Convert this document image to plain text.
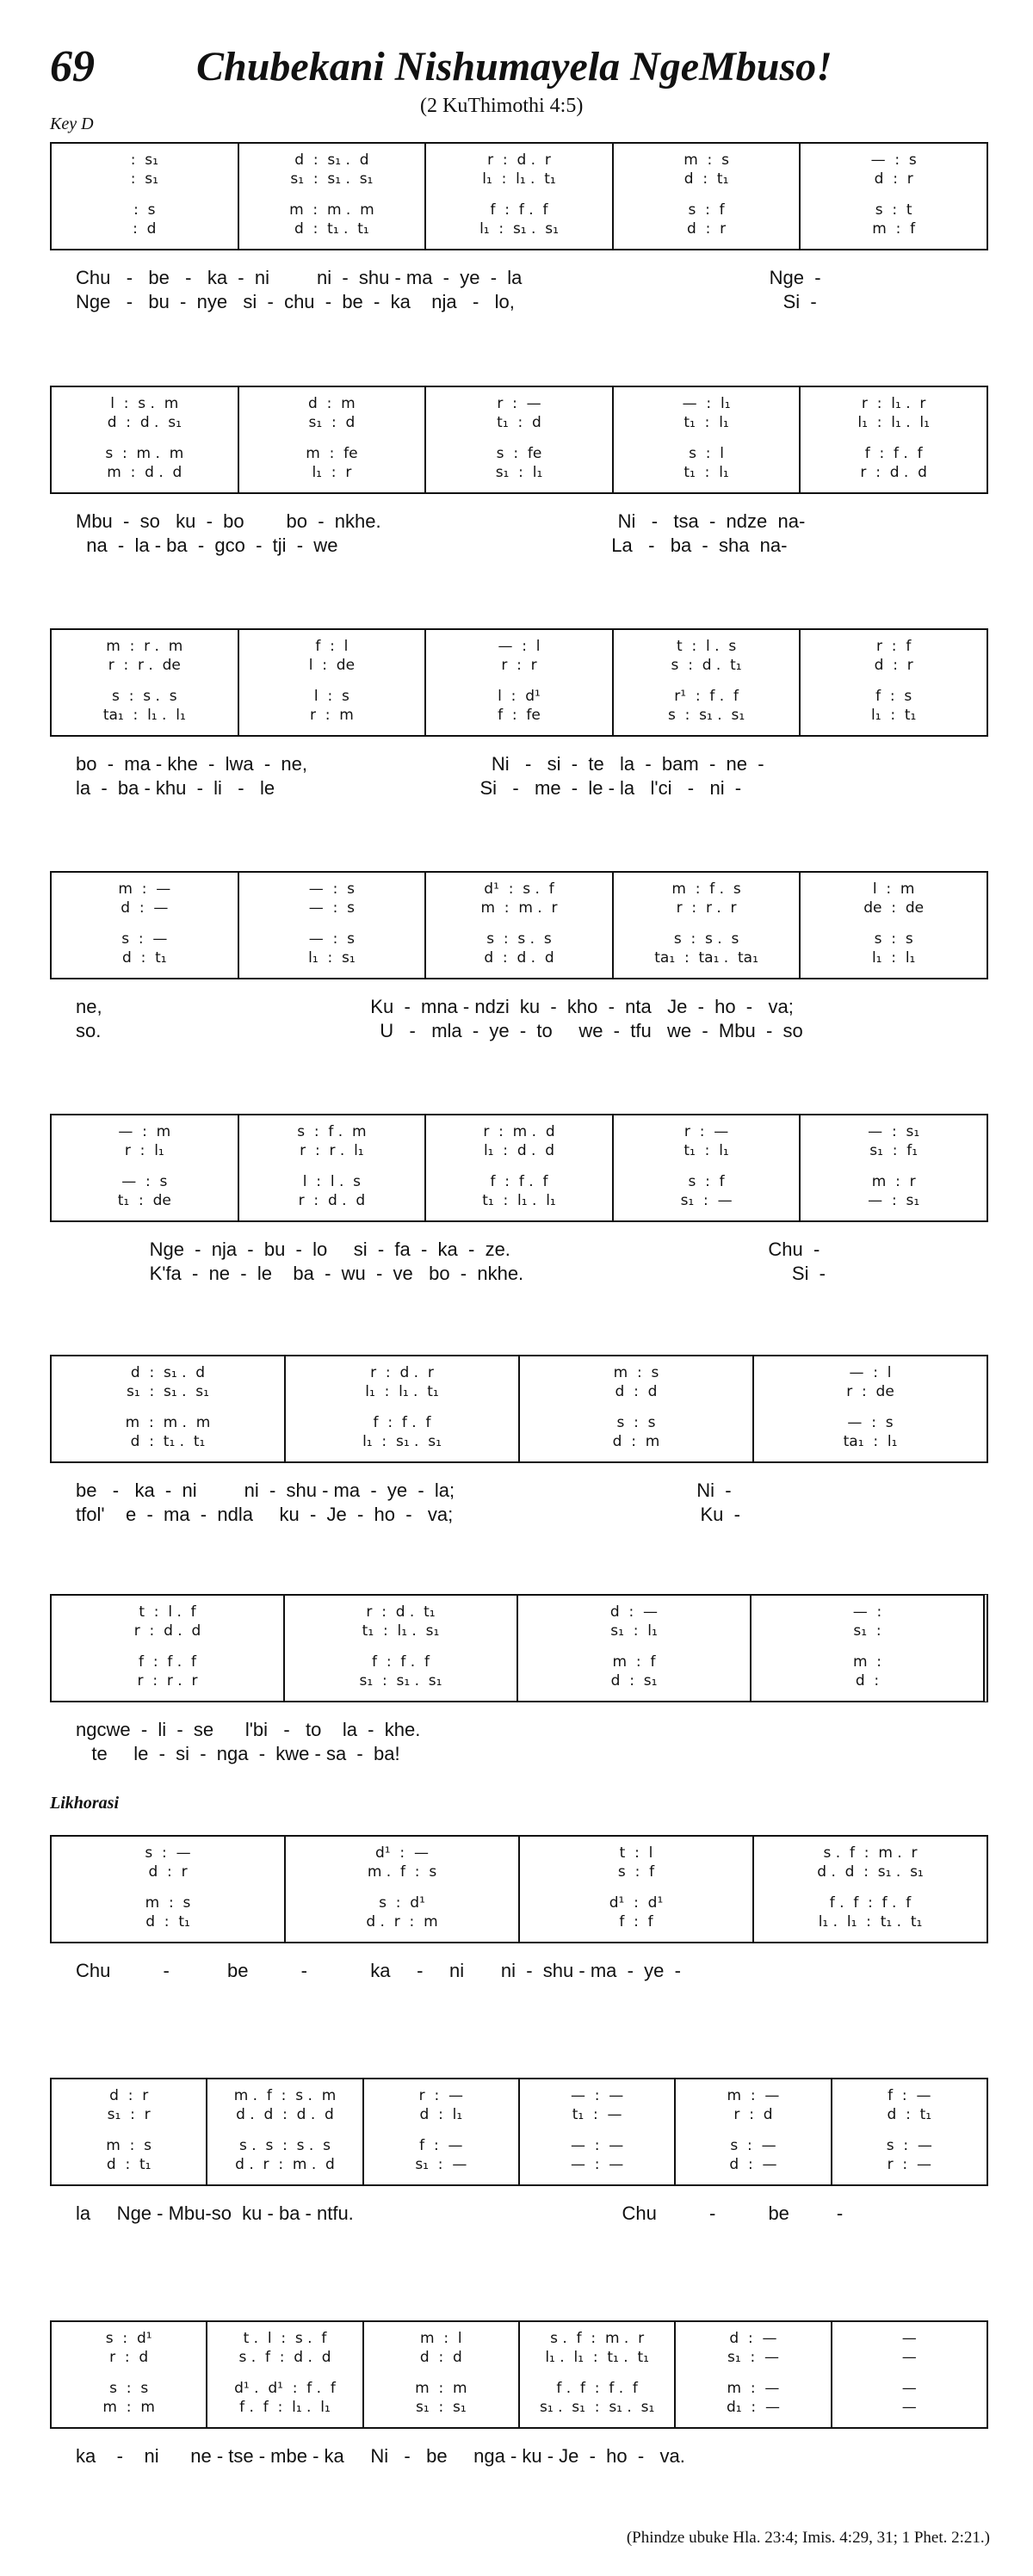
69 Chubekani Nishumayela NgeMbuso!
(2 KuThimothi 4:5)
Key D
Likhorasi
:  s₁
:  s₁
:  s
:  d
d  :  s₁ .  d
s₁  :  s₁ .  s₁
m  :  m .  m
d  :  t₁ .  t₁
r  :  d .  r
l₁  :  l₁ .  t₁
f  :  f .  f
l₁  :  s₁ .  s₁
m  :  s
d  :  t₁
s  :  f
d  :  r
—  :  s
d  :  r
s  :  t
m  :  f
Chu   -   be   -   ka  -  ni         ni  -  shu - ma  -  ye  -  la                                               Nge  -
Nge   -   bu  -  nye   si  -  chu  -  be  -  ka    nja   -   lo,                                                   Si  -
l  :  s .  m
d  :  d .  s₁
s  :  m .  m
m  :  d .  d
d  :  m
s₁  :  d
m  :  fe
l₁  :  r
r  :  —
t₁  :  d
s  :  fe
s₁  :  l₁
—  :  l₁
t₁  :  l₁
s  :  l
t₁  :  l₁
r  :  l₁ .  r
l₁  :  l₁ .  l₁
f  :  f .  f
r  :  d .  d
Mbu  -  so   ku  -  bo        bo  -  nkhe.                                             Ni   -   tsa  -  ndze  na-
na  -  la - ba  -  gco  -  tji  -  we                                                    La   -   ba  -  sha  na-
m  :  r .  m
r  :  r .  de
s  :  s .  s
ta₁  :  l₁ .  l₁
f  :  l
l  :  de
l  :  s
r  :  m
—  :  l
r  :  r
l  :  d¹
f  :  fe
t  :  l .  s
s  :  d .  t₁
r¹  :  f .  f
s  :  s₁ .  s₁
r  :  f
d  :  r
f  :  s
l₁  :  t₁
bo  -  ma - khe  -  lwa  -  ne,                                   Ni   -   si  -  te   la  -  bam  -  ne  -
la  -  ba - khu  -  li   -   le                                       Si   -   me  -  le - la   l'ci   -   ni  -
m  :  —
d  :  —
s  :  —
d  :  t₁
—  :  s
—  :  s
—  :  s
l₁  :  s₁
d¹  :  s .  f
m  :  m .  r
s  :  s .  s
d  :  d .  d
m  :  f .  s
r  :  r .  r
s  :  s .  s
ta₁  :  ta₁ .  ta₁
l  :  m
de  :  de
s  :  s
l₁  :  l₁
ne,                                                   Ku  -  mna - ndzi  ku  -  kho  -  nta   Je  -  ho  -   va;
so.                                                     U   -   mla  -  ye  -  to     we  -  tfu   we  -  Mbu  -  so
—  :  m
r  :  l₁
—  :  s
t₁  :  de
s  :  f .  m
r  :  r .  l₁
l  :  l .  s
r  :  d .  d
r  :  m .  d
l₁  :  d .  d
f  :  f .  f
t₁  :  l₁ .  l₁
r  :  —
t₁  :  l₁
s  :  f
s₁  :  —
—  :  s₁
s₁  :  f₁
m  :  r
—  :  s₁
Nge  -  nja  -  bu  -  lo     si  -  fa  -  ka  -  ze.                                                 Chu  -
K'fa  -  ne  -  le    ba  -  wu  -  ve   bo  -  nkhe.                                                   Si  -
d  :  s₁ .  d
s₁  :  s₁ .  s₁
m  :  m .  m
d  :  t₁ .  t₁
r  :  d .  r
l₁  :  l₁ .  t₁
f  :  f .  f
l₁  :  s₁ .  s₁
m  :  s
d  :  d
s  :  s
d  :  m
—  :  l
r  :  de
—  :  s
ta₁  :  l₁
be   -   ka  -  ni         ni  -  shu - ma  -  ye  -  la;                                              Ni  -
tfol'    e  -  ma  -  ndla     ku  -  Je  -  ho  -   va;                                               Ku  -
t  :  l .  f
r  :  d .  d
f  :  f .  f
r  :  r .  r
r  :  d .  t₁
t₁  :  l₁ .  s₁
f  :  f .  f
s₁  :  s₁ .  s₁
d  :  —
s₁  :  l₁
m  :  f
d  :  s₁
—  :
s₁  :
m  :
d  :
ngcwe  -  li  -  se      l'bi   -   to    la  -  khe.
te     le  -  si  -  nga  -  kwe - sa  -  ba!
s  :  —
d  :  r
m  :  s
d  :  t₁
d¹  :  —
m .  f  :  s
s  :  d¹
d .  r  :  m
t  :  l
s  :  f
d¹  :  d¹
f  :  f
s .  f  :  m .  r
d .  d  :  s₁ .  s₁
f .  f  :  f .  f
l₁ .  l₁  :  t₁ .  t₁
Chu          -           be          -            ka     -     ni       ni  -  shu - ma  -  ye  -
d  :  r
s₁  :  r
m  :  s
d  :  t₁
m .  f  :  s .  m
d .  d  :  d .  d
s .  s  :  s .  s
d .  r  :  m .  d
r  :  —
d  :  l₁
f  :  —
s₁  :  —
—  :  —
t₁  :  —
—  :  —
—  :  —
m  :  —
r  :  d
s  :  —
d  :  —
f  :  —
d  :  t₁
s  :  —
r  :  —
la     Nge - Mbu-so  ku - ba - ntfu.                                                   Chu          -          be         -
s  :  d¹
r  :  d
s  :  s
m  :  m
t .  l  :  s .  f
s .  f  :  d .  d
d¹ .  d¹  :  f .  f
f .  f  :  l₁ .  l₁
m  :  l
d  :  d
m  :  m
s₁  :  s₁
s .  f  :  m .  r
l₁ .  l₁  :  t₁ .  t₁
f .  f  :  f .  f
s₁ .  s₁  :  s₁ .  s₁
d  :  —
s₁  :  —
m  :  —
d₁  :  —
—
—
—
—
ka    -    ni      ne - tse - mbe - ka     Ni   -   be     nga - ku - Je  -  ho  -   va.
(Phindze ubuke Hla. 23:4; Imis. 4:29, 31; 1 Phet. 2:21.)
